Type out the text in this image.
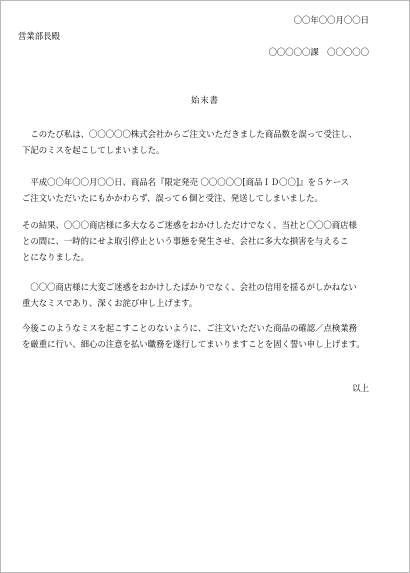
〇〇年〇〇月〇〇日
営業部長殿
〇〇〇〇〇課　〇〇〇〇〇
始末書
　このたび私は、〇〇〇〇〇株式会社からご注文いただきました商品数を誤って受注し、
下記のミスを起こしてしまいました。
　平成〇〇年〇〇月〇〇日、商品名『限定発売 〇〇〇〇〇[商品ＩＤ〇〇]』を５ケース
ご注文いただいたにもかかわらず、誤って６個と受注、発送してしまいました。
その結果、〇〇〇商店様に多大なるご迷惑をおかけしただけでなく、当社と〇〇〇商店様
との間に、一時的にせよ取引停止という事態を発生させ、会社に多大な損害を与えるこ
とになりました。
　〇〇〇商店様に大変ご迷惑をおかけしたばかりでなく、会社の信用を揺るがしかねない
重大なミスであり、深くお詫び申し上げます。
今後このようなミスを起こすことのないように、ご注文いただいた商品の確認／点検業務
を厳重に行い、細心の注意を払い職務を遂行してまいりますことを固く誓い申し上げます。
以上
